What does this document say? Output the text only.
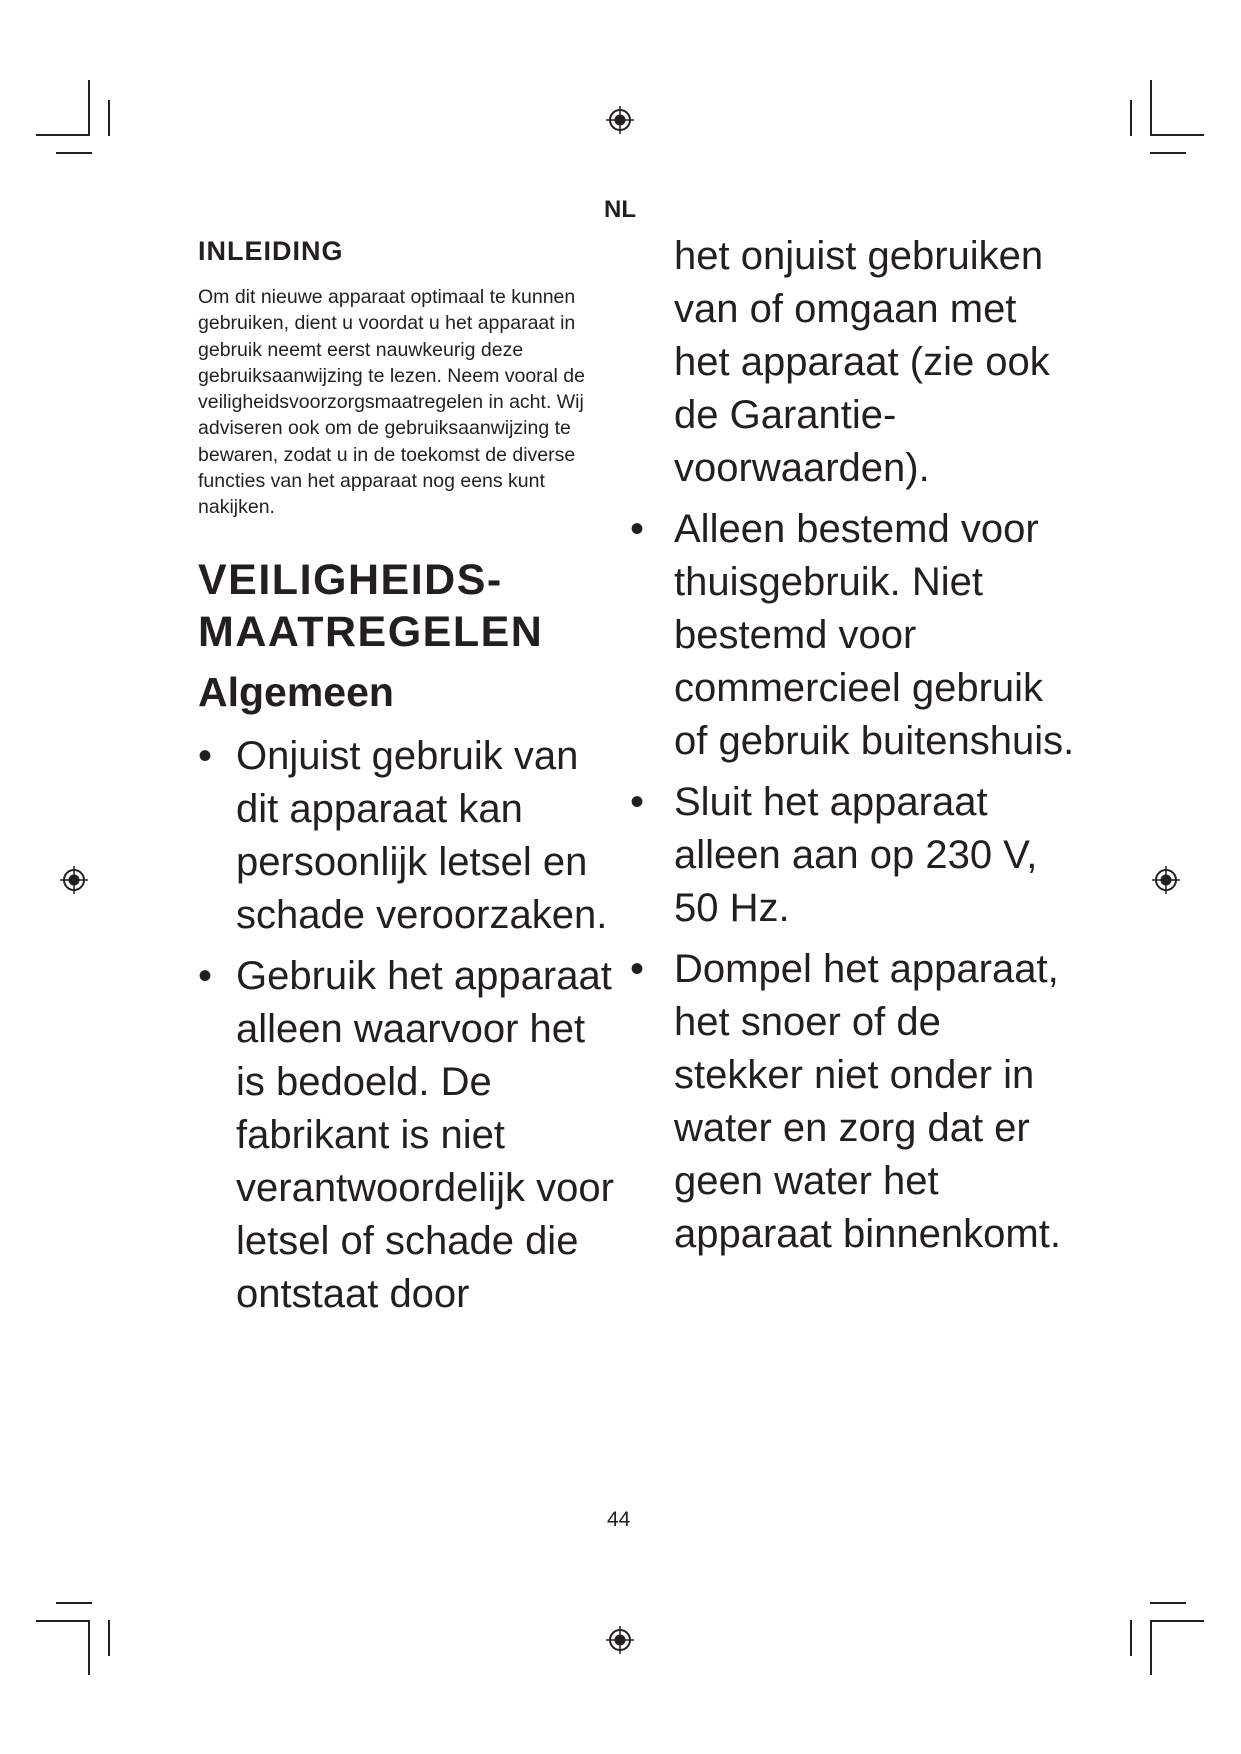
NL

INLEIDING

Om dit nieuwe apparaat optimaal te kunnen gebruiken, dient u voordat u het apparaat in gebruik neemt eerst nauwkeurig deze gebruiksaanwijzing te lezen. Neem vooral de veiligheidsvoorzorgsmaatregelen in acht. Wij adviseren ook om de gebruiksaanwijzing te bewaren, zodat u in de toekomst de diverse functies van het apparaat nog eens kunt nakijken.

VEILIGHEIDS-
MAATREGELEN
Algemeen
• Onjuist gebruik van dit apparaat kan persoonlijk letsel en schade veroorzaken.
• Gebruik het apparaat alleen waarvoor het is bedoeld. De fabrikant is niet verantwoordelijk voor letsel of schade die ontstaat door

het onjuist gebruiken van of omgaan met het apparaat (zie ook de Garantie-voorwaarden).

• Alleen bestemd voor thuisgebruik. Niet bestemd voor commercieel gebruik of gebruik buitenshuis.
• Sluit het apparaat alleen aan op 230 V, 50 Hz.
• Dompel het apparaat, het snoer of de stekker niet onder in water en zorg dat er geen water het apparaat binnenkomt.

44
